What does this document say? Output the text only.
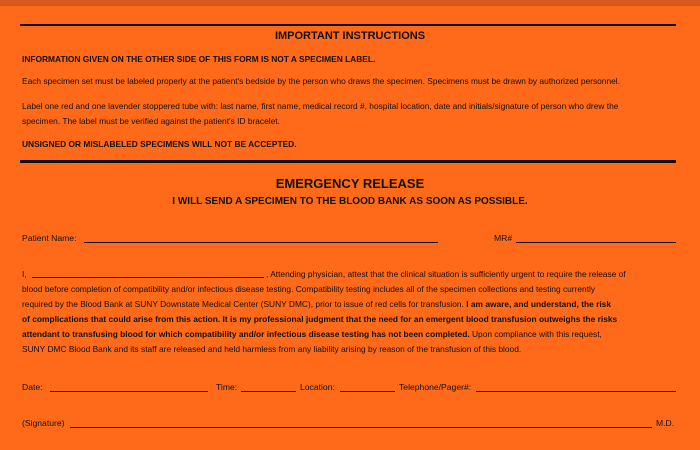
IMPORTANT INSTRUCTIONS
INFORMATION GIVEN ON THE OTHER SIDE OF THIS FORM IS NOT A SPECIMEN LABEL.
Each specimen set must be labeled properly at the patient's bedside by the person who draws the specimen. Specimens must be drawn by authorized personnel.
Label one red and one lavender stoppered tube with: last name, first name, medical record #, hospital location, date and initials/signature of person who drew the
specimen. The label must be verified against the patient's ID bracelet.
UNSIGNED OR MISLABELED SPECIMENS WILL NOT BE ACCEPTED.
EMERGENCY RELEASE
I WILL SEND A SPECIMEN TO THE BLOOD BANK AS SOON AS POSSIBLE.
Patient Name:	MR#
I,	, Attending physician, attest that the clinical situation is sufficiently urgent to require the release of
blood before completion of compatibility and/or infectious disease testing. Compatibility testing includes all of the specimen collections and testing currently
required by the Blood Bank at SUNY Downstate Medical Center (SUNY DMC), prior to issue of red cells for transfusion. I am aware, and understand, the risk
of complications that could arise from this action. It is my professional judgment that the need for an emergent blood transfusion outweighs the risks
attendant to transfusing blood for which compatibility and/or infectious disease testing has not been completed. Upon compliance with this request,
SUNY DMC Blood Bank and its staff are released and held harmless from any liability arising by reason of the transfusion of this blood.
Date:	Time:	Location:	Telephone/Pager#:
(Signature)	M.D.
